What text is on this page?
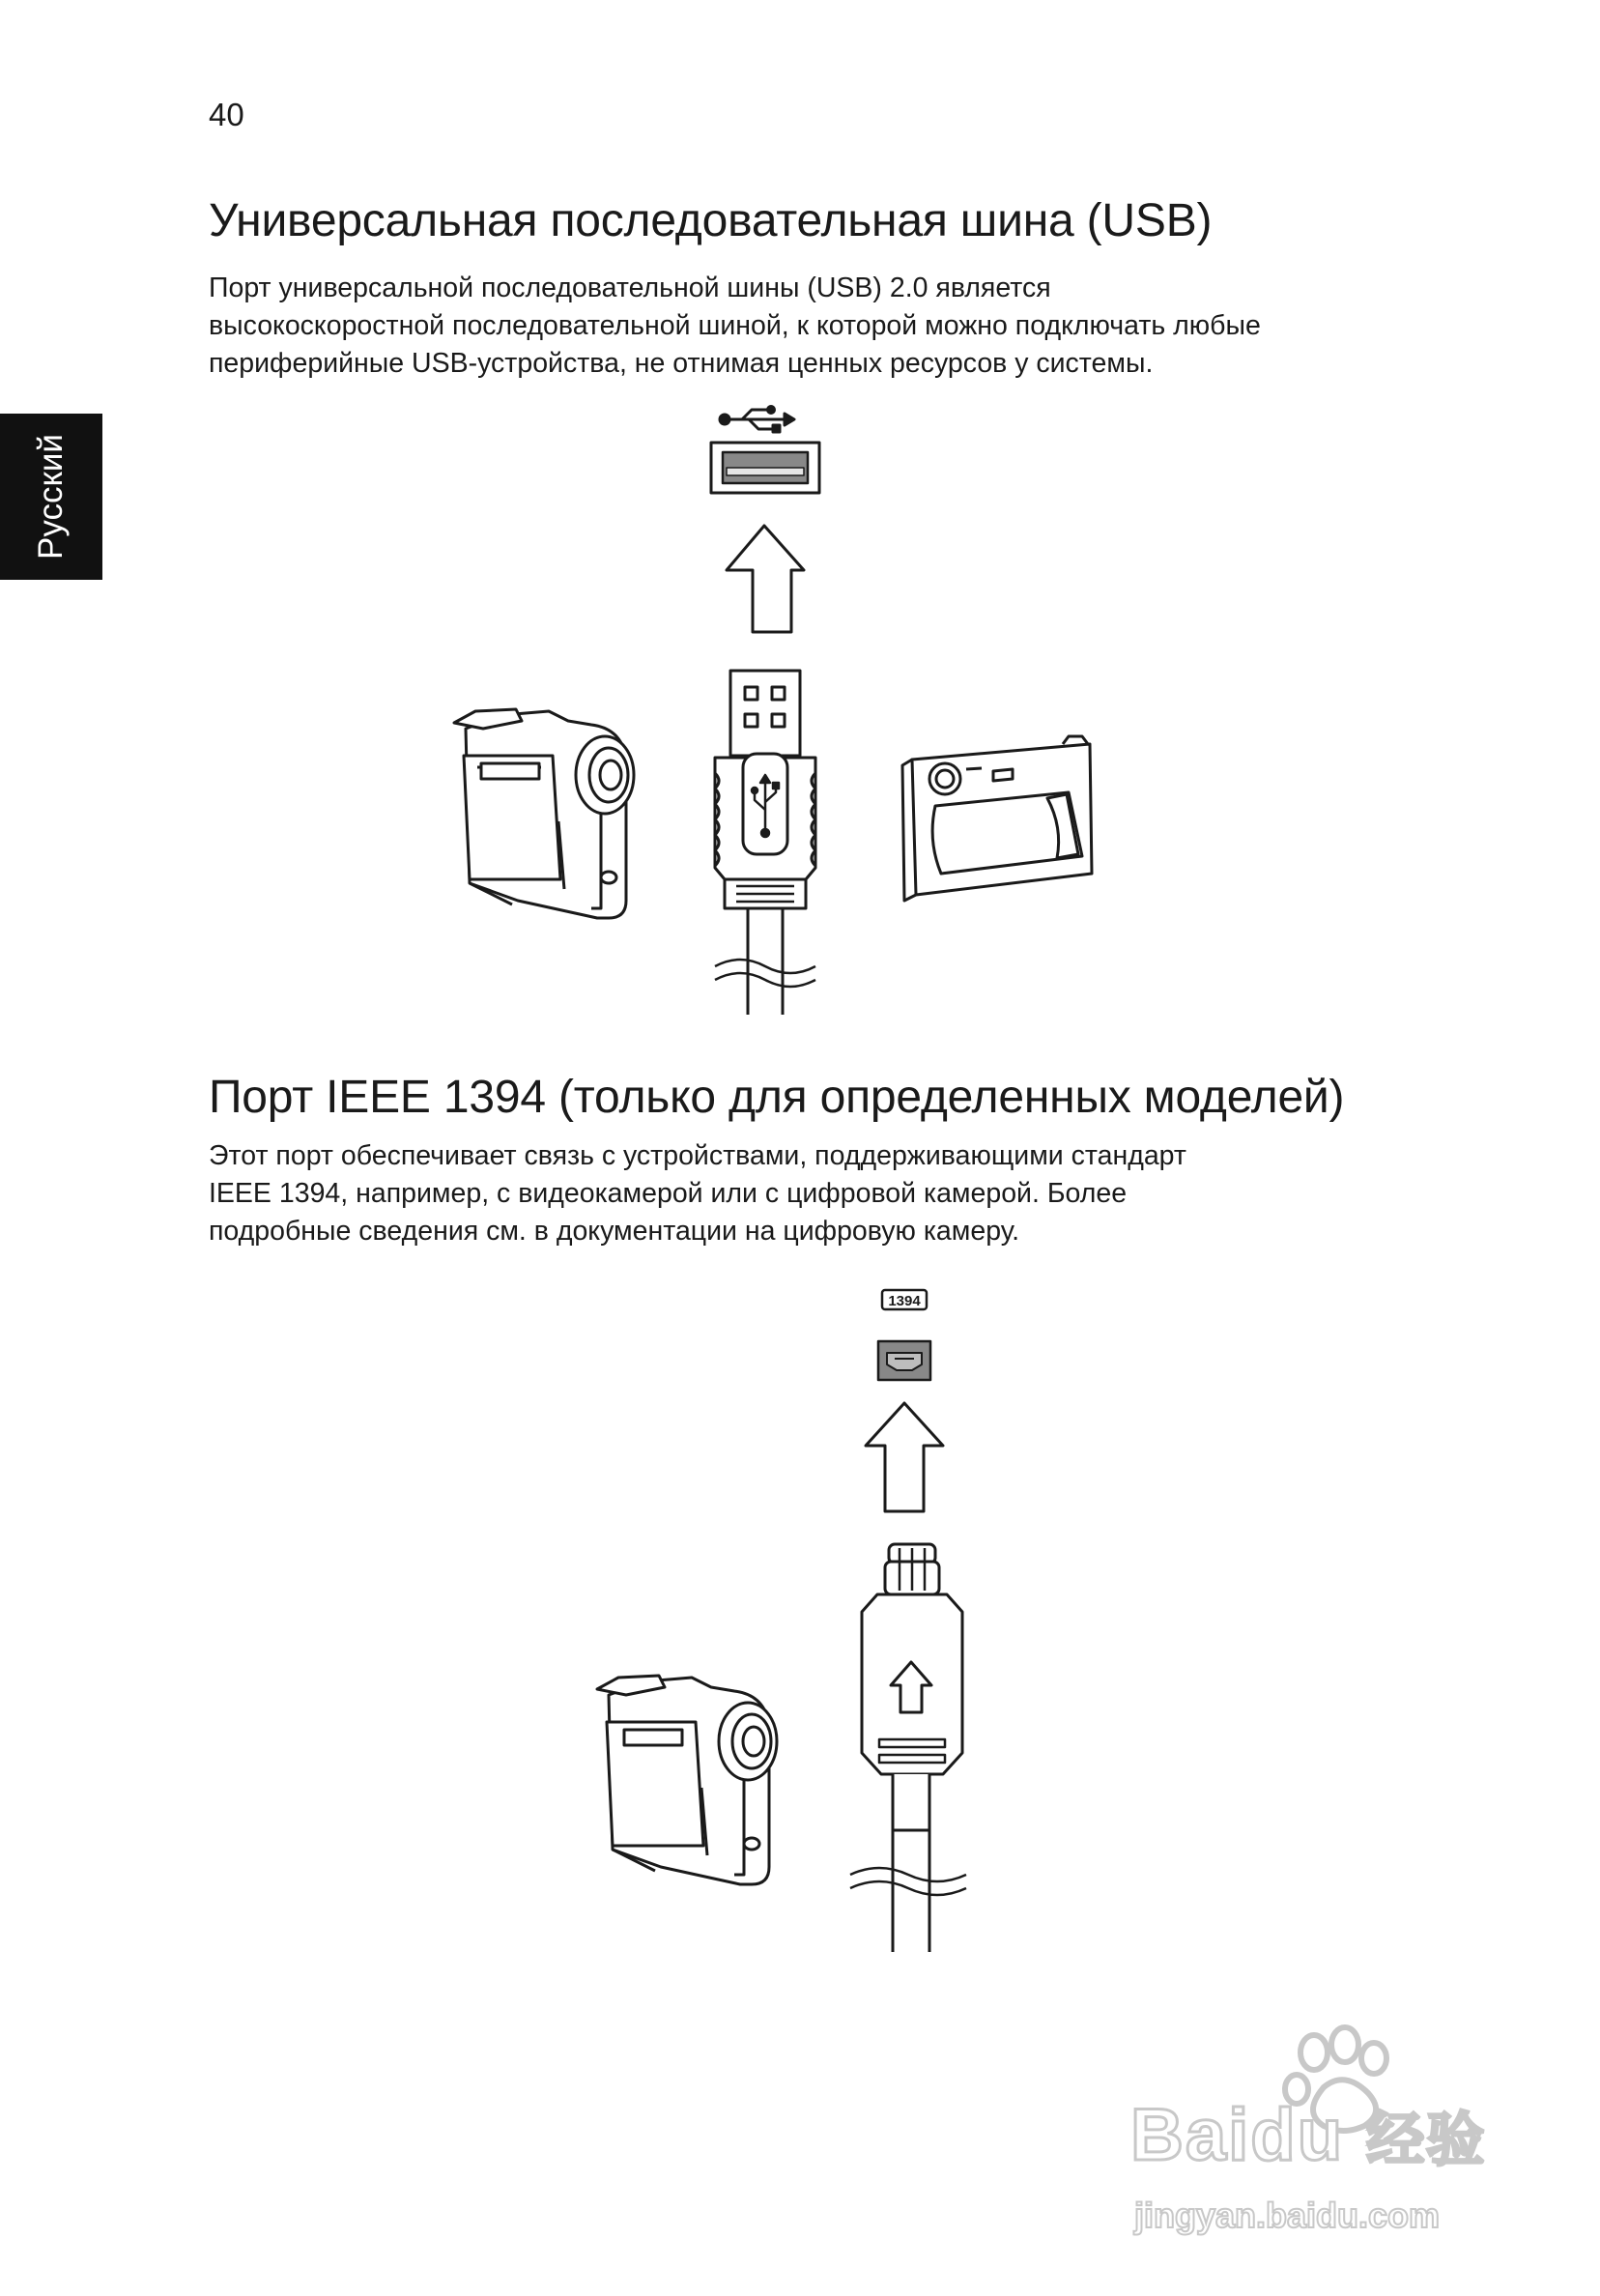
40
Русский
Универсальная последовательная шина (USB)

Порт универсальной последовательной шины (USB) 2.0 является

высокоскоростной последовательной шиной, к которой можно подключать любые

периферийные USB-устройства, не отнимая ценных ресурсов у системы.

Порт IEEE 1394 (только для определенных моделей)

Этот порт обеспечивает связь с устройствами, поддерживающими стандарт

IEEE 1394, например, с видеокамерой или с цифровой камерой. Более

подробные сведения см. в документации на цифровую камеру.

1394
Baidu 经验
jingyan.baidu.com
